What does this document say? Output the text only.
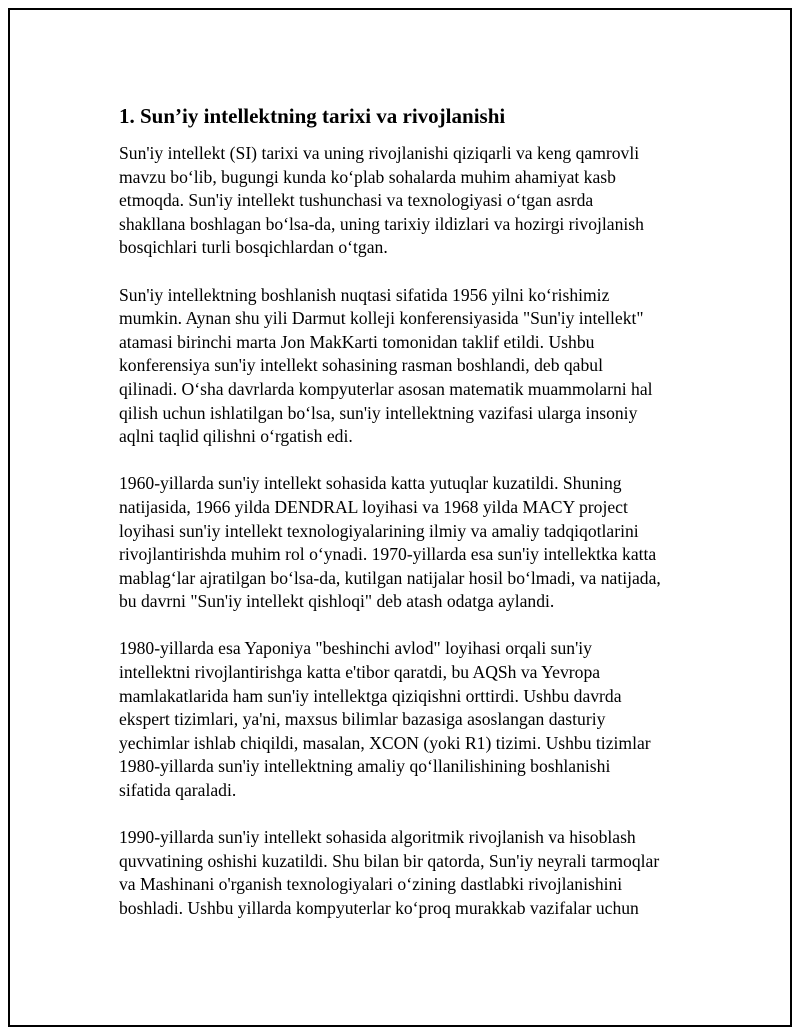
1. Sun’iy intellektning tarixi va rivojlanishi

Sun'iy intellekt (SI) tarixi va uning rivojlanishi qiziqarli va keng qamrovli
mavzu bo‘lib, bugungi kunda ko‘plab sohalarda muhim ahamiyat kasb
etmoqda. Sun'iy intellekt tushunchasi va texnologiyasi o‘tgan asrda
shakllana boshlagan bo‘lsa-da, uning tarixiy ildizlari va hozirgi rivojlanish
bosqichlari turli bosqichlardan o‘tgan.

Sun'iy intellektning boshlanish nuqtasi sifatida 1956 yilni ko‘rishimiz
mumkin. Aynan shu yili Darmut kolleji konferensiyasida "Sun'iy intellekt"
atamasi birinchi marta Jon MakKarti tomonidan taklif etildi. Ushbu
konferensiya sun'iy intellekt sohasining rasman boshlandi, deb qabul
qilinadi. O‘sha davrlarda kompyuterlar asosan matematik muammolarni hal
qilish uchun ishlatilgan bo‘lsa, sun'iy intellektning vazifasi ularga insoniy
aqlni taqlid qilishni o‘rgatish edi.

1960-yillarda sun'iy intellekt sohasida katta yutuqlar kuzatildi. Shuning
natijasida, 1966 yilda DENDRAL loyihasi va 1968 yilda MACY project
loyihasi sun'iy intellekt texnologiyalarining ilmiy va amaliy tadqiqotlarini
rivojlantirishda muhim rol o‘ynadi. 1970-yillarda esa sun'iy intellektka katta
mablag‘lar ajratilgan bo‘lsa-da, kutilgan natijalar hosil bo‘lmadi, va natijada,
bu davrni "Sun'iy intellekt qishloqi" deb atash odatga aylandi.

1980-yillarda esa Yaponiya "beshinchi avlod" loyihasi orqali sun'iy
intellektni rivojlantirishga katta e'tibor qaratdi, bu AQSh va Yevropa
mamlakatlarida ham sun'iy intellektga qiziqishni orttirdi. Ushbu davrda
ekspert tizimlari, ya'ni, maxsus bilimlar bazasiga asoslangan dasturiy
yechimlar ishlab chiqildi, masalan, XCON (yoki R1) tizimi. Ushbu tizimlar
1980-yillarda sun'iy intellektning amaliy qo‘llanilishining boshlanishi
sifatida qaraladi.

1990-yillarda sun'iy intellekt sohasida algoritmik rivojlanish va hisoblash
quvvatining oshishi kuzatildi. Shu bilan bir qatorda, Sun'iy neyrali tarmoqlar
va Mashinani o'rganish texnologiyalari o‘zining dastlabki rivojlanishini
boshladi. Ushbu yillarda kompyuterlar ko‘proq murakkab vazifalar uchun
